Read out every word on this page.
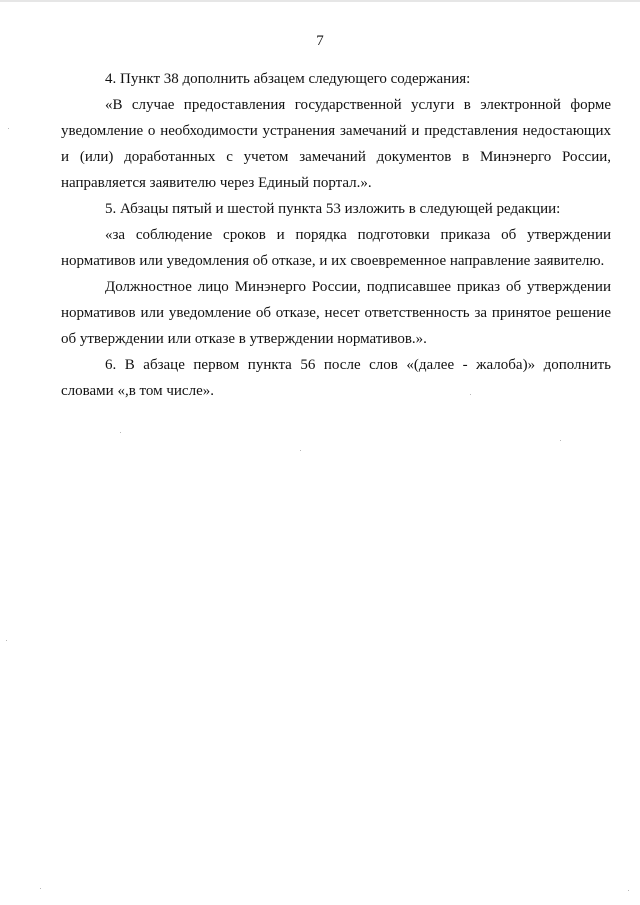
7

4. Пункт 38 дополнить абзацем следующего содержания:

«В случае предоставления государственной услуги в электронной форме уведомление о необходимости устранения замечаний и представления недостающих и (или) доработанных с учетом замечаний документов в Минэнерго России, направляется заявителю через Единый портал.».

5. Абзацы пятый и шестой пункта 53 изложить в следующей редакции:

«за соблюдение сроков и порядка подготовки приказа об утверждении нормативов или уведомления об отказе, и их своевременное направление заявителю.

Должностное лицо Минэнерго России, подписавшее приказ об утверждении нормативов или уведомление об отказе, несет ответственность за принятое решение об утверждении или отказе в утверждении нормативов.».

6. В абзаце первом пункта 56 после слов «(далее - жалоба)» дополнить словами «,в том числе».
